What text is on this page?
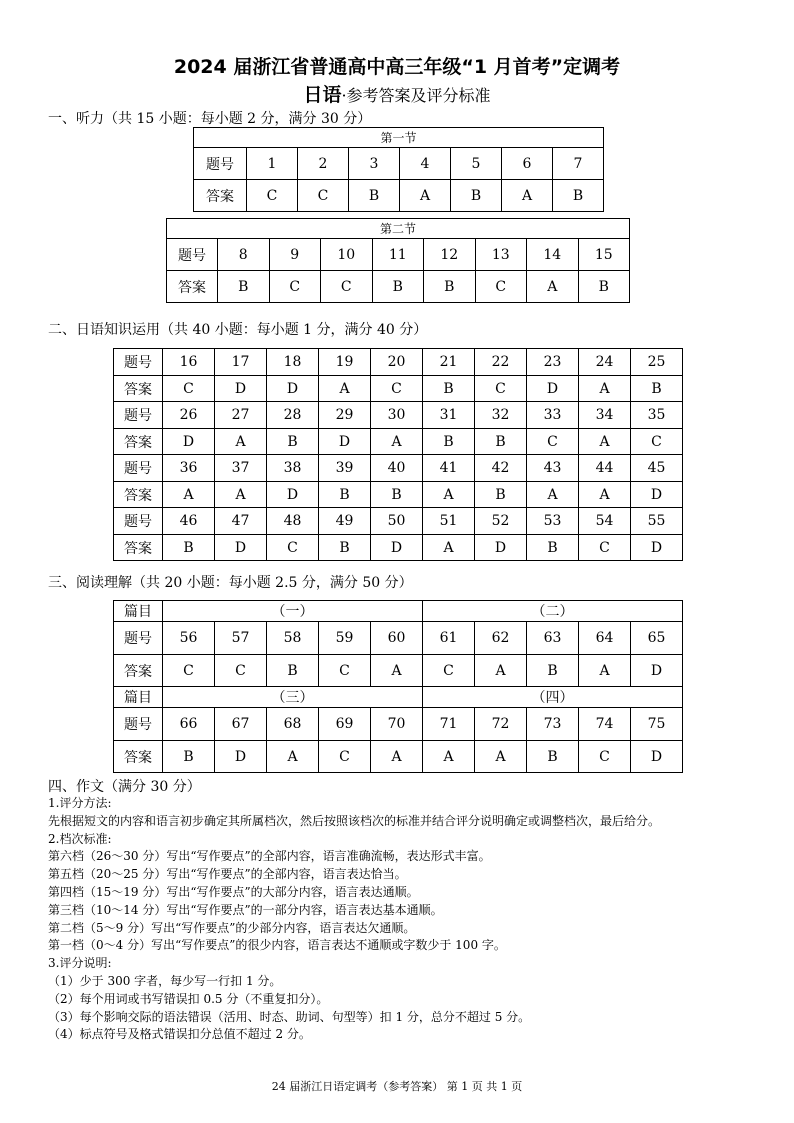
2024 届浙江省普通高中高三年级“1 月首考”定调考
日语·参考答案及评分标准
一、听力（共 15 小题：每小题 2 分，满分 30 分）
第一节							
题号	1	2	3	4	5	6	7
答案	C	C	B	A	B	A	B
第二节								
题号	8	9	10	11	12	13	14	15
答案	B	C	C	B	B	C	A	B
二、日语知识运用（共 40 小题：每小题 1 分，满分 40 分）
题号	16	17	18	19	20	21	22	23	24	25
答案	C	D	D	A	C	B	C	D	A	B
题号	26	27	28	29	30	31	32	33	34	35
答案	D	A	B	D	A	B	B	C	A	C
题号	36	37	38	39	40	41	42	43	44	45
答案	A	A	D	B	B	A	B	A	A	D
题号	46	47	48	49	50	51	52	53	54	55
答案	B	D	C	B	D	A	D	B	C	D
三、阅读理解（共 20 小题：每小题 2.5 分，满分 50 分）
篇目	（一）					（二）				
题号	56	57	58	59	60	61	62	63	64	65
答案	C	C	B	C	A	C	A	B	A	D
篇目	（三）					（四）				
题号	66	67	68	69	70	71	72	73	74	75
答案	B	D	A	C	A	A	A	B	C	D
四、作文（满分 30 分）
1.评分方法:
先根据短文的内容和语言初步确定其所属档次，然后按照该档次的标准并结合评分说明确定或调整档次，最后给分。
2.档次标准:
第六档（26～30 分）写出“写作要点”的全部内容，语言准确流畅，表达形式丰富。
第五档（20～25 分）写出“写作要点”的全部内容，语言表达恰当。
第四档（15～19 分）写出“写作要点”的大部分内容，语言表达通顺。
第三档（10～14 分）写出“写作要点”的一部分内容，语言表达基本通顺。
第二档（5～9 分）写出“写作要点”的少部分内容，语言表达欠通顺。
第一档（0～4 分）写出“写作要点”的很少内容，语言表达不通顺或字数少于 100 字。
3.评分说明:
（1）少于 300 字者，每少写一行扣 1 分。
（2）每个用词或书写错误扣 0.5 分（不重复扣分）。
（3）每个影响交际的语法错误（活用、时态、助词、句型等）扣 1 分，总分不超过 5 分。
（4）标点符号及格式错误扣分总值不超过 2 分。
24 届浙江日语定调考（参考答案） 第 1 页 共 1 页
